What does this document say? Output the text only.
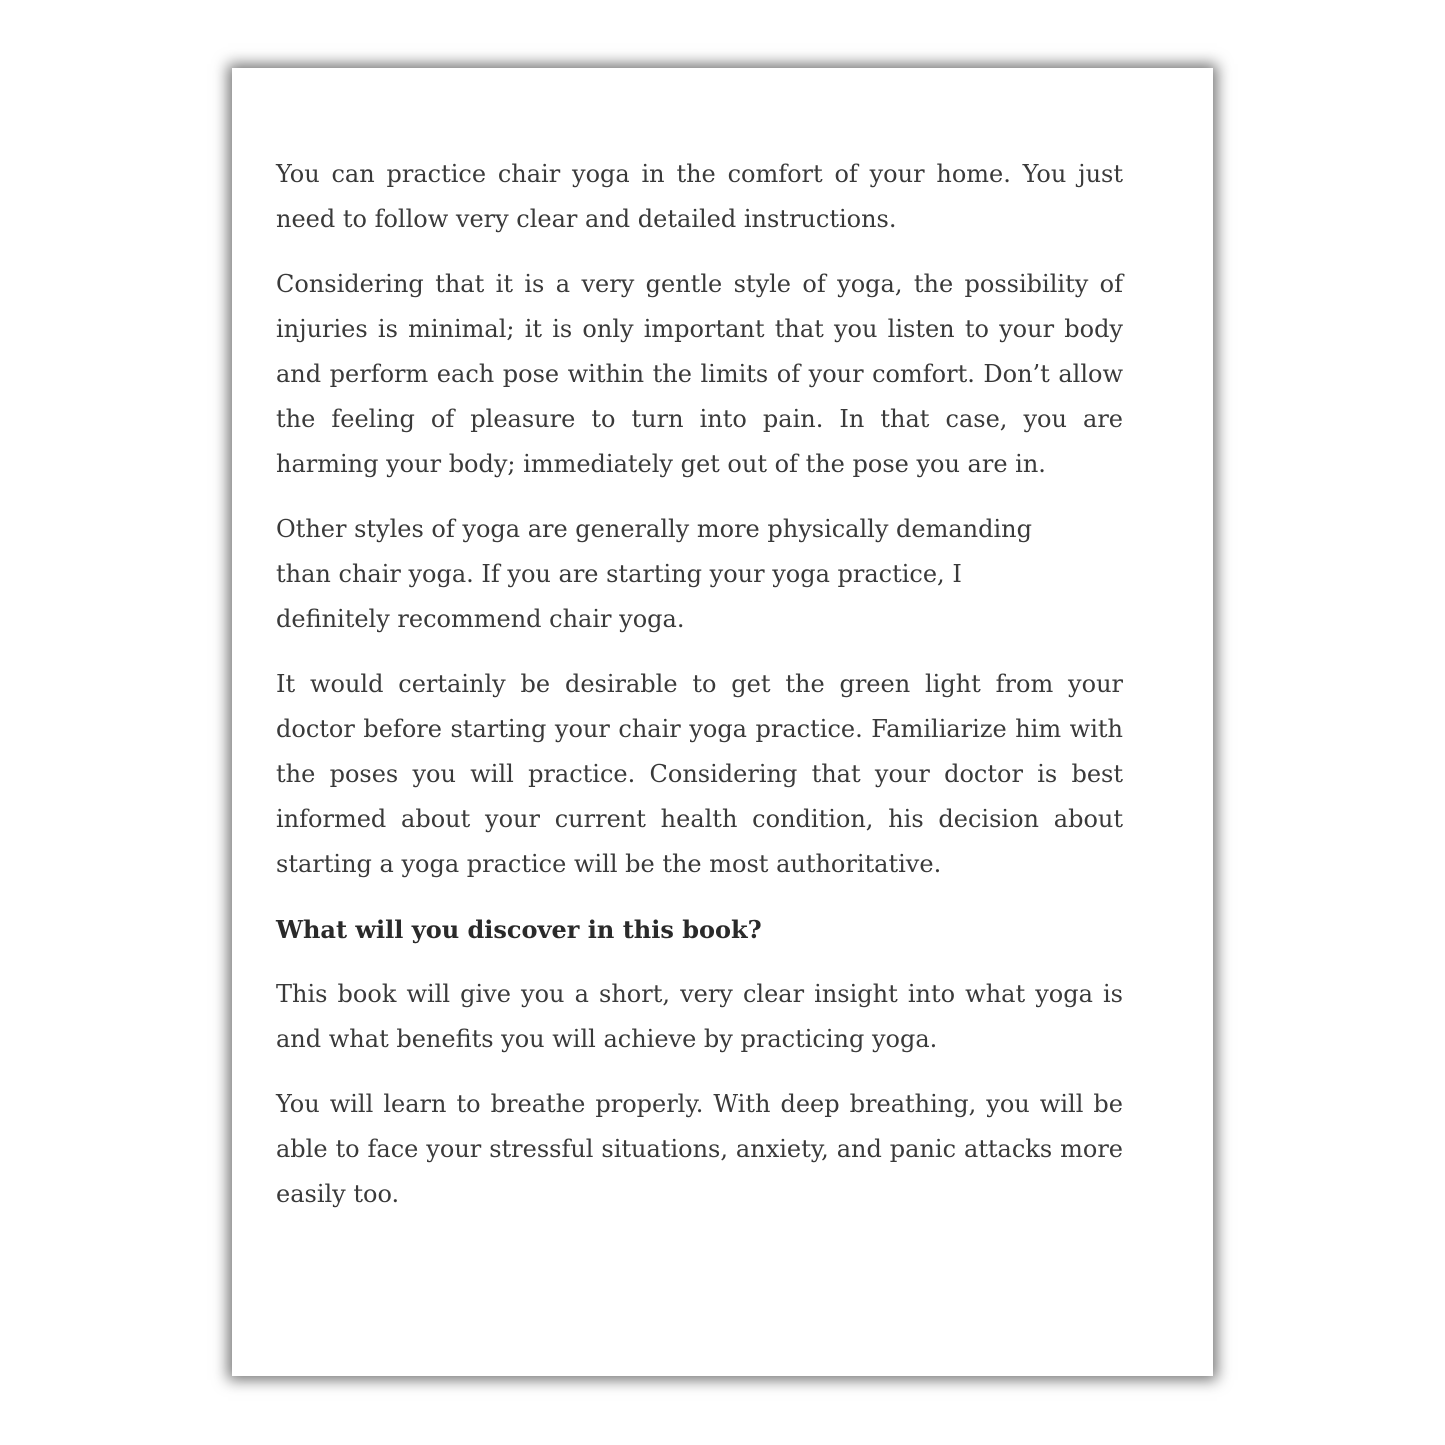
You can practice chair yoga in the comfort of your home. You just need to follow very clear and detailed instructions.

Considering that it is a very gentle style of yoga, the possibility of injuries is minimal; it is only important that you listen to your body and perform each pose within the limits of your comfort. Don’t allow the feeling of pleasure to turn into pain. In that case, you are harming your body; immediately get out of the pose you are in.

Other styles of yoga are generally more physically demanding than chair yoga. If you are starting your yoga practice, I definitely recommend chair yoga.

It would certainly be desirable to get the green light from your doctor before starting your chair yoga practice. Familiarize him with the poses you will practice. Considering that your doctor is best informed about your current health condition, his decision about starting a yoga practice will be the most authoritative.

What will you discover in this book?

This book will give you a short, very clear insight into what yoga is and what benefits you will achieve by practicing yoga.

You will learn to breathe properly. With deep breathing, you will be able to face your stressful situations, anxiety, and panic attacks more easily too.
